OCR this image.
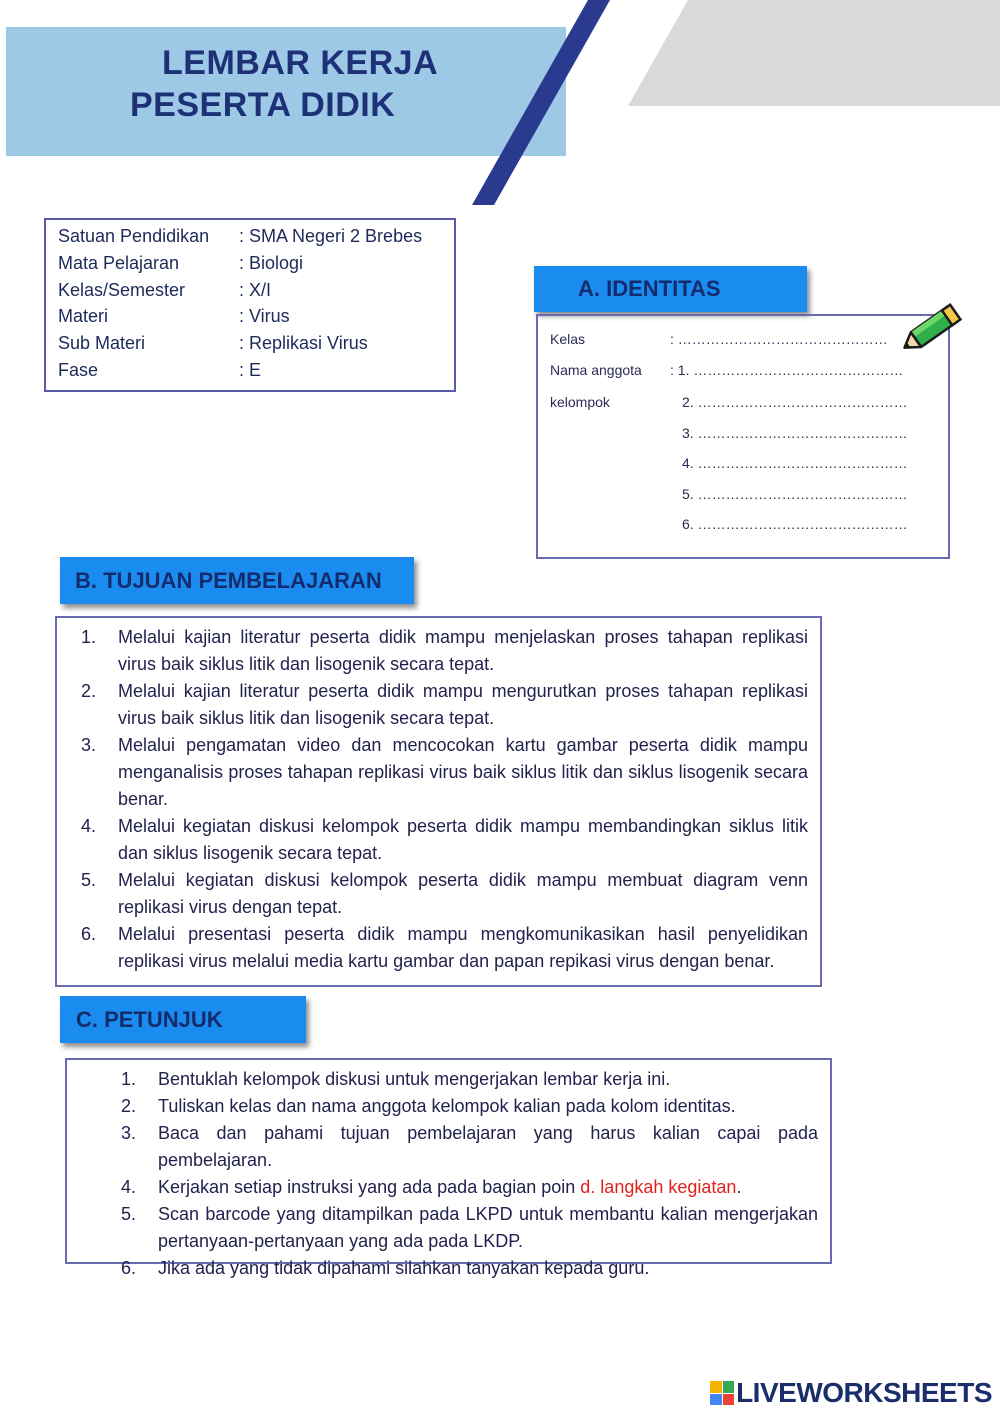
LEMBAR KERJA
PESERTA DIDIK
Satuan Pendidikan	: SMA Negeri 2 Brebes
Mata Pelajaran	: Biologi
Kelas/Semester	: X/I
Materi	: Virus
Sub Materi	: Replikasi Virus
Fase	: E
A. IDENTITAS
Kelas	: ………………………………………
Nama anggota : 1. ………………………………………
kelompok	2. ………………………………………
3. ………………………………………
4. ………………………………………
5. ………………………………………
6. ………………………………………
B. TUJUAN PEMBELAJARAN
1.	Melalui kajian literatur peserta didik mampu menjelaskan proses tahapan replikasi virus baik siklus litik dan lisogenik secara tepat.
2.	Melalui kajian literatur peserta didik mampu mengurutkan proses tahapan replikasi virus baik siklus litik dan lisogenik secara tepat.
3.	Melalui pengamatan video dan mencocokan kartu gambar peserta didik mampu menganalisis proses tahapan replikasi virus baik siklus litik dan siklus lisogenik secara benar.
4.	Melalui kegiatan diskusi kelompok peserta didik mampu membandingkan siklus litik dan siklus lisogenik secara tepat.
5.	Melalui kegiatan diskusi kelompok peserta didik mampu membuat diagram venn replikasi virus dengan tepat.
6.	Melalui presentasi peserta didik mampu mengkomunikasikan hasil penyelidikan replikasi virus melalui media kartu gambar dan papan repikasi virus dengan benar.
C. PETUNJUK
1.	Bentuklah kelompok diskusi untuk mengerjakan lembar kerja ini.
2.	Tuliskan kelas dan nama anggota kelompok kalian pada kolom identitas.
3.	Baca dan pahami tujuan pembelajaran yang harus kalian capai pada pembelajaran.
4.	Kerjakan setiap instruksi yang ada pada bagian poin d. langkah kegiatan.
5.	Scan barcode yang ditampilkan pada LKPD untuk membantu kalian mengerjakan pertanyaan-pertanyaan yang ada pada LKDP.
6.	Jika ada yang tidak dipahami silahkan tanyakan kepada guru.
LIVEWORKSHEETS
